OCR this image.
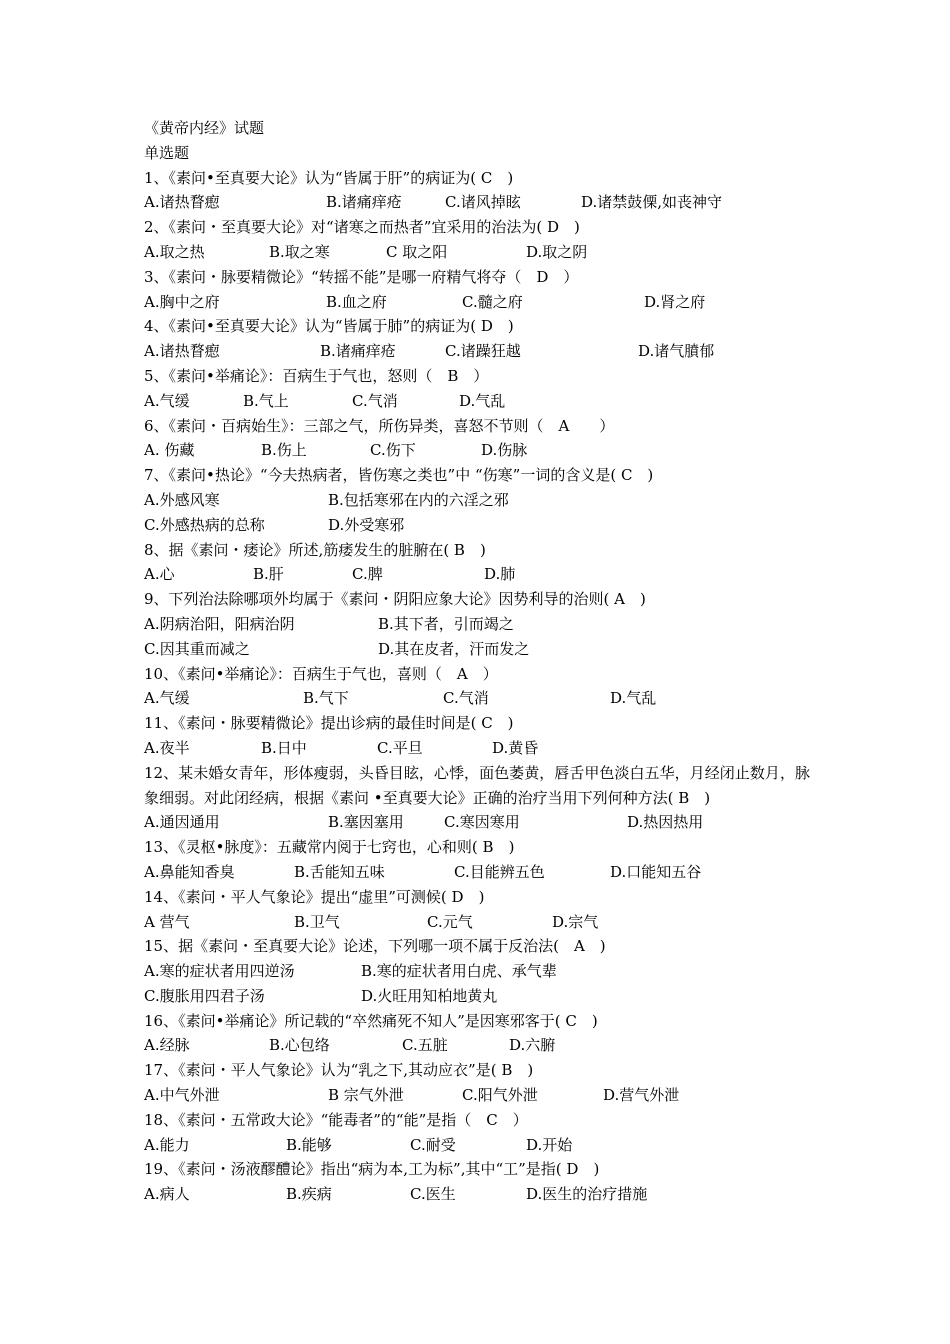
《黄帝内经》试题
单选题
1、《素问•至真要大论》认为“皆属于肝”的病证为( C　)
A.诸热瞀瘛	B.诸痛痒疮	C.诸风掉眩	D.诸禁鼓傈,如丧神守
2、《素问・至真要大论》对“诸寒之而热者”宜采用的治法为( D　)
A.取之热	B.取之寒	C 取之阳	D.取之阴
3、《素问・脉要精微论》“转摇不能”是哪一府精气将夺（　D　）
A.胸中之府	B.血之府	C.髓之府	D.肾之府
4、《素问•至真要大论》认为“皆属于肺”的病证为( D　)
A.诸热瞀瘛	B.诸痛痒疮	C.诸躁狂越	D.诸气膹郁
5、《素问•举痛论》：百病生于气也，怒则（　B　）
A.气缓	B.气上	C.气消	D.气乱
6、《素问・百病始生》：三部之气，所伤异类，喜怒不节则（　A　　）
A. 伤藏	B.伤上	C.伤下	D.伤脉
7、《素问•热论》“今夫热病者，皆伤寒之类也”中 “伤寒”一词的含义是( C　)
A.外感风寒	B.包括寒邪在内的六淫之邪
C.外感热病的总称	D.外受寒邪
8、据《素问・痿论》所述,筋痿发生的脏腑在( B　)
A.心	B.肝	C.脾	D.肺
9、下列治法除哪项外均属于《素问・阴阳应象大论》因势利导的治则( A　)
A.阴病治阳，阳病治阴	B.其下者，引而竭之
C.因其重而减之	D.其在皮者，汗而发之
10、《素问•举痛论》：百病生于气也，喜则（　A　）
A.气缓	B.气下	C.气消	D.气乱
11、《素问・脉要精微论》提出诊病的最佳时间是( C　)
A.夜半	B.日中	C.平旦	D.黄昏
12、某未婚女青年，形体瘦弱，头昏目眩，心悸，面色萎黄，唇舌甲色淡白五华，月经闭止数月，脉象细弱。对此闭经病，根据《素问 •至真要大论》正确的治疗当用下列何种方法( B　)
A.通因通用	B.塞因塞用	C.寒因寒用	D.热因热用
13、《灵枢•脉度》：五藏常内阅于七窍也，心和则( B　)
A.鼻能知香臭	B.舌能知五味	C.目能辨五色	D.口能知五谷
14、《素问・平人气象论》提出“虚里”可测候( D　)
A 营气	B.卫气	C.元气	D.宗气
15、据《素问・至真要大论》论述，下列哪一项不属于反治法(　A　)
A.寒的症状者用四逆汤	B.寒的症状者用白虎、承气辈
C.腹胀用四君子汤	D.火旺用知柏地黄丸
16、《素问•举痛论》所记载的“卒然痛死不知人”是因寒邪客于( C　)
A.经脉	B.心包络	C.五脏	D.六腑
17、《素问・平人气象论》认为“乳之下,其动应衣”是( B　)
A.中气外泄	B 宗气外泄	C.阳气外泄	D.营气外泄
18、《素问・五常政大论》“能毒者”的“能”是指（　C　）
A.能力	B.能够	C.耐受	D.开始
19、《素问・汤液醪醴论》指出“病为本,工为标”,其中“工”是指( D　)
A.病人	B.疾病	C.医生	D.医生的治疗措施
